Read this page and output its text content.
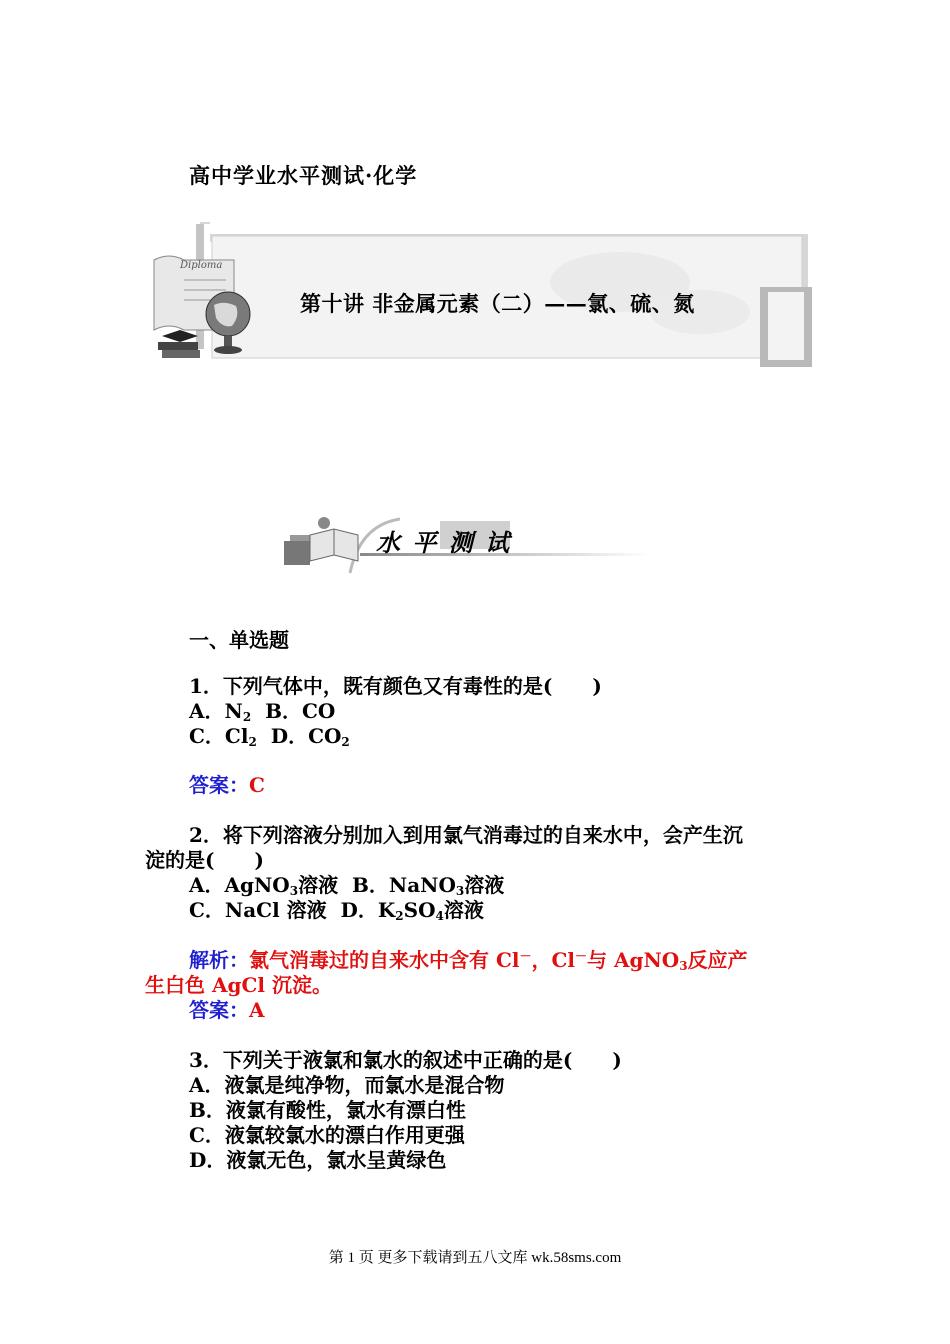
高中学业水平测试·化学
Diploma
第十讲 非金属元素（二）——氯、硫、氮
水 平 测 试
一、单选题
1．下列气体中，既有颜色又有毒性的是(　　)
A．$N_2$  B．CO
C．$Cl_2$  D．$CO_2$
答案：C
2．将下列溶液分别加入到用氯气消毒过的自来水中，会产生沉
淀的是(　　)
A．AgNO$_3$溶液  B．NaNO$_3$溶液
C．NaCl 溶液  D．$K_2SO_4$溶液
解析：氯气消毒过的自来水中含有 Cl－，Cl－与 AgNO$_3$反应产
生白色 AgCl 沉淀。
答案：A
3．下列关于液氯和氯水的叙述中正确的是(　　)
A．液氯是纯净物，而氯水是混合物
B．液氯有酸性，氯水有漂白性
C．液氯较氯水的漂白作用更强
D．液氯无色，氯水呈黄绿色
第 1 页 更多下载请到五八文库 wk.58sms.com
